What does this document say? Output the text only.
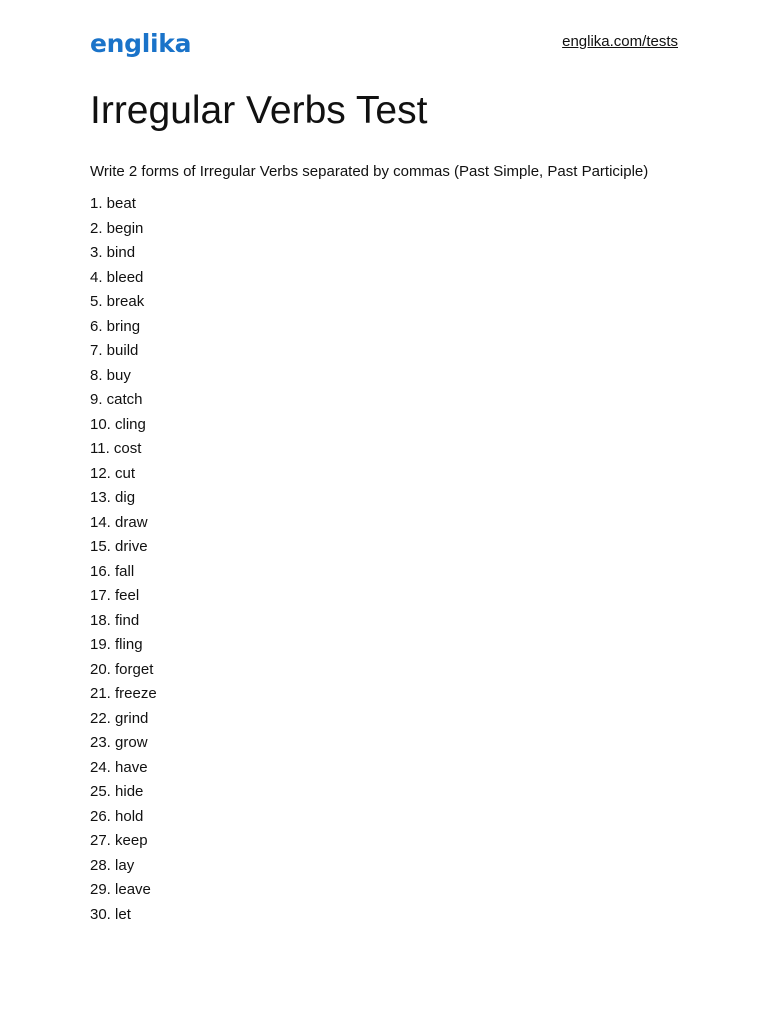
englika	englika.com/tests
Irregular Verbs Test

Write 2 forms of Irregular Verbs separated by commas (Past Simple, Past Participle)

1. beat
2. begin
3. bind
4. bleed
5. break
6. bring
7. build
8. buy
9. catch
10. cling
11. cost
12. cut
13. dig
14. draw
15. drive
16. fall
17. feel
18. find
19. fling
20. forget
21. freeze
22. grind
23. grow
24. have
25. hide
26. hold
27. keep
28. lay
29. leave
30. let
